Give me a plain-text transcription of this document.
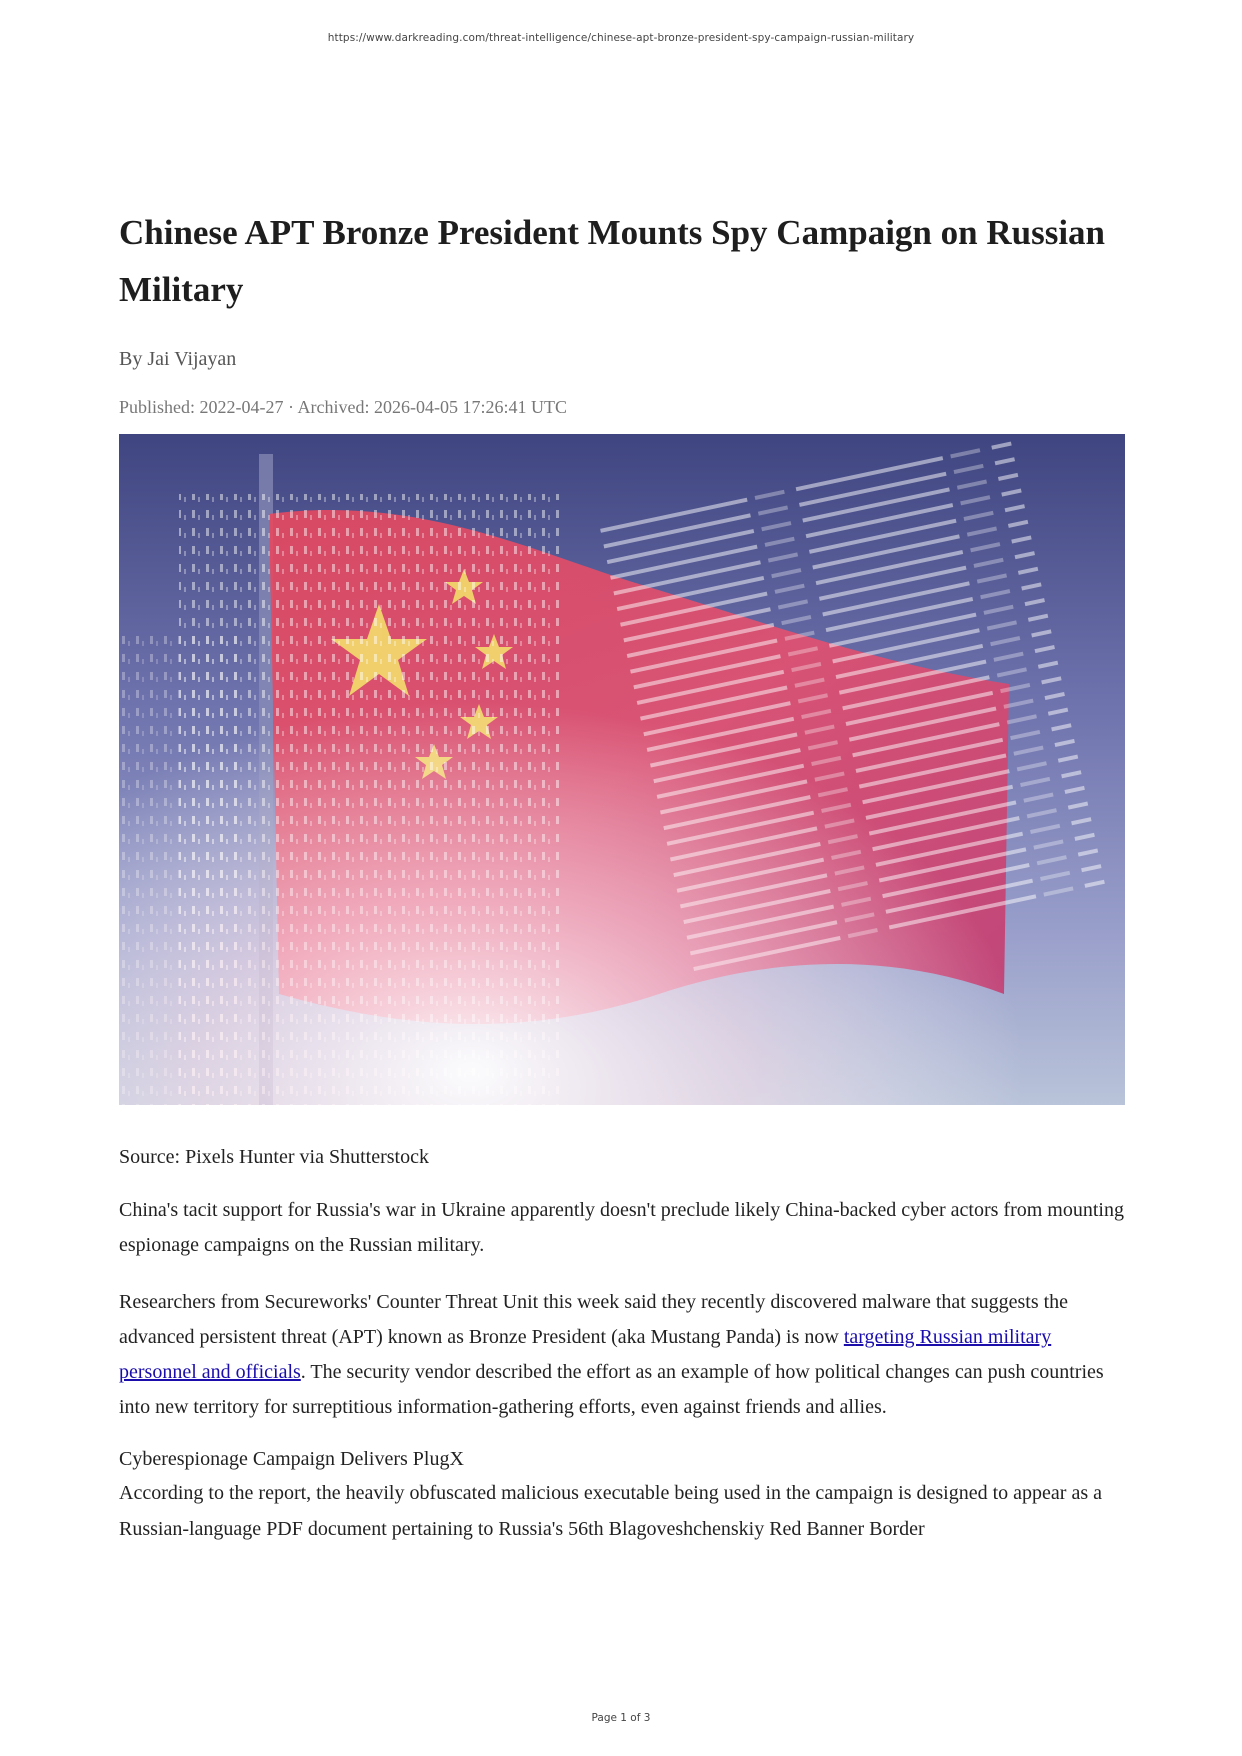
https://www.darkreading.com/threat-intelligence/chinese-apt-bronze-president-spy-campaign-russian-military
Chinese APT Bronze President Mounts Spy Campaign on Russian Military
By Jai Vijayan
Published: 2022-04-27 · Archived: 2026-04-05 17:26:41 UTC
Source: Pixels Hunter via Shutterstock
China's tacit support for Russia's war in Ukraine apparently doesn't preclude likely China-backed cyber actors from mounting espionage campaigns on the Russian military.
Researchers from Secureworks' Counter Threat Unit this week said they recently discovered malware that suggests the advanced persistent threat (APT) known as Bronze President (aka Mustang Panda) is now targeting Russian military personnel and officials. The security vendor described the effort as an example of how political changes can push countries into new territory for surreptitious information-gathering efforts, even against friends and allies.
Cyberespionage Campaign Delivers PlugX
According to the report, the heavily obfuscated malicious executable being used in the campaign is designed to appear as a Russian-language PDF document pertaining to Russia's 56th Blagoveshchenskiy Red Banner Border
Page 1 of 3
